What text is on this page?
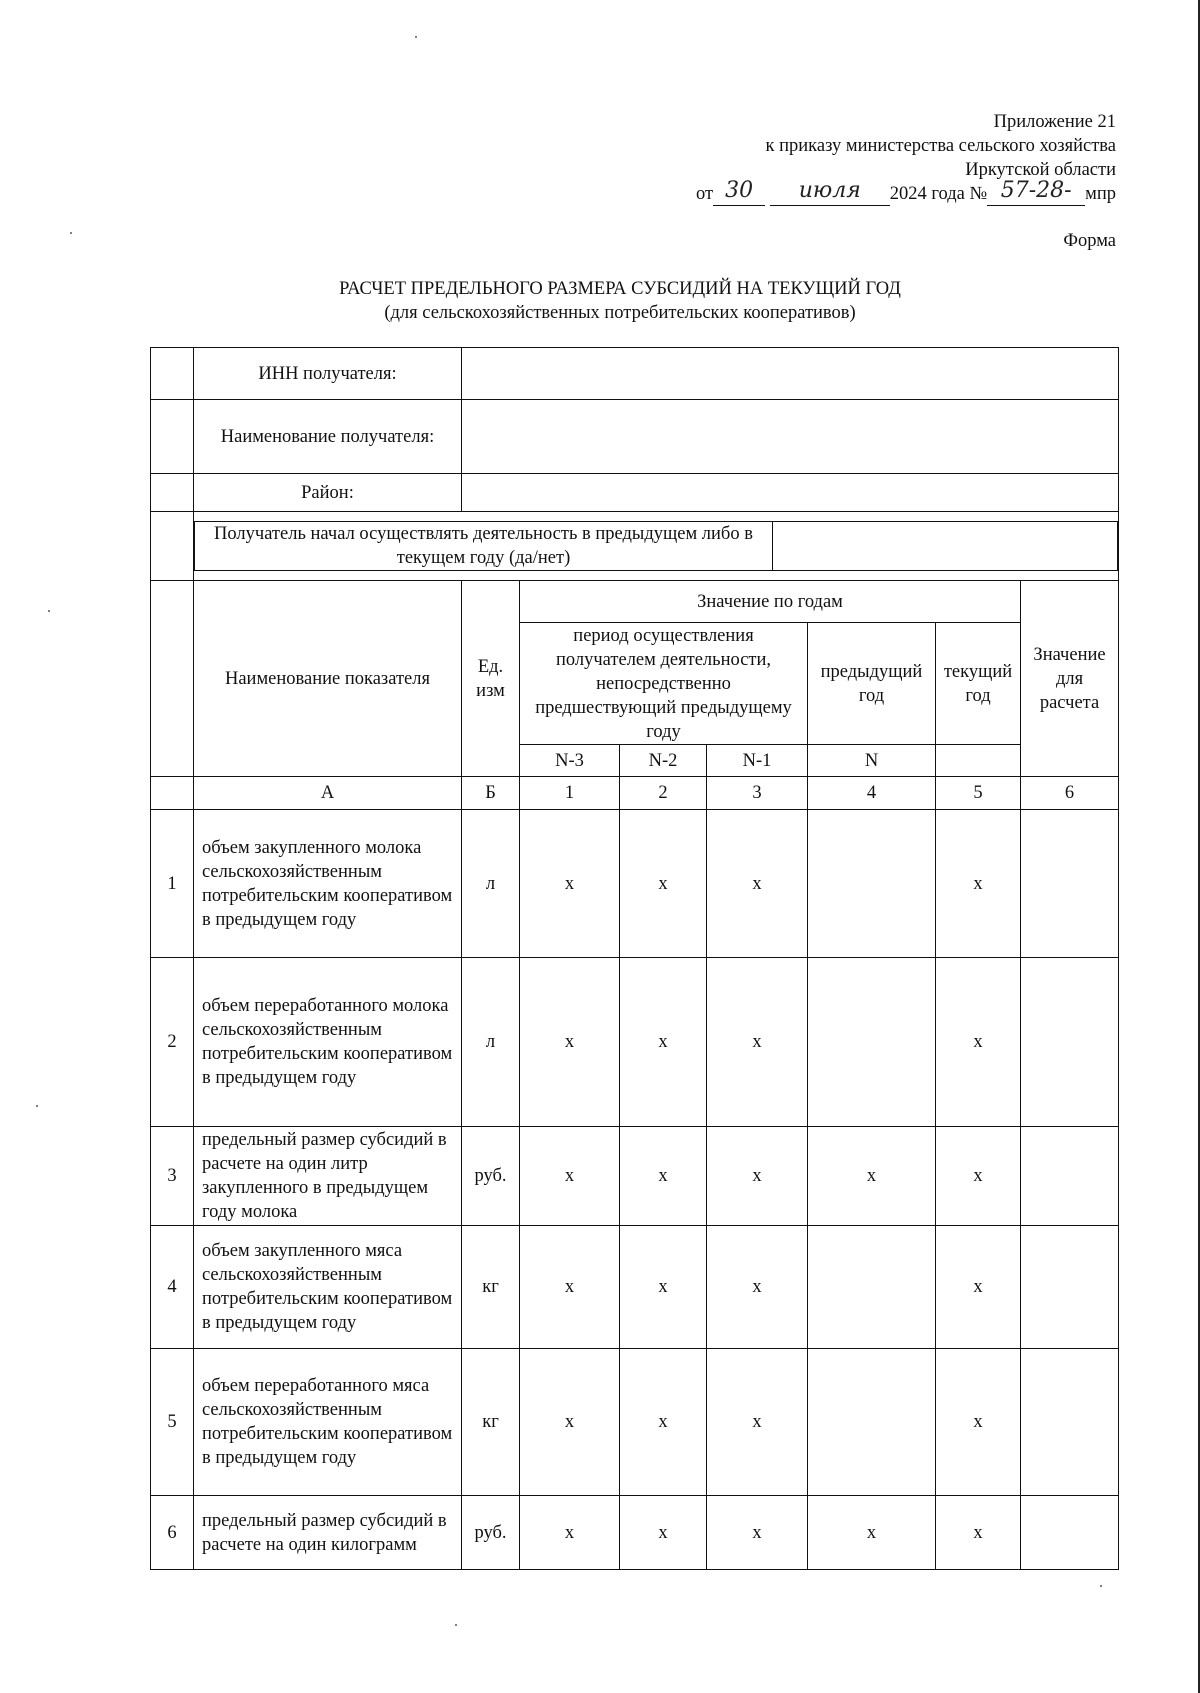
Приложение 21
к приказу министерства сельского хозяйства
Иркутской области
от 30 июля 2024 года № 57-28- мпр
Форма
РАСЧЕТ ПРЕДЕЛЬНОГО РАЗМЕРА СУБСИДИЙ НА ТЕКУЩИЙ ГОД
(для сельскохозяйственных потребительских кооперативов)
	ИНН получателя:	
	Наименование получателя:	
	Район:	

Получатель начал осуществлять деятельность в предыдущем либо в текущем году (да/нет)	

	Наименование показателя	Ед. изм	Значение по годам	Значение для расчета
период осуществления получателем деятельности, непосредственно предшествующий предыдущему году	предыдущий год	текущий год
N-3	N-2	N-1	N	

	А	Б	1	2	3	4	5	6
1	объем закупленного молока сельскохозяйственным потребительским кооперативом в предыдущем году	л	x	x	x		x	
2	объем переработанного молока сельскохозяйственным потребительским кооперативом в предыдущем году	л	x	x	x		x	
3	предельный размер субсидий в расчете на один литр закупленного в предыдущем году молока	руб.	x	x	x	x	x	
4	объем закупленного мяса сельскохозяйственным потребительским кооперативом в предыдущем году	кг	x	x	x		x	
5	объем переработанного мяса сельскохозяйственным потребительским кооперативом в предыдущем году	кг	x	x	x		x	
6	предельный размер субсидий в расчете на один килограмм	руб.	x	x	x	x	x	
